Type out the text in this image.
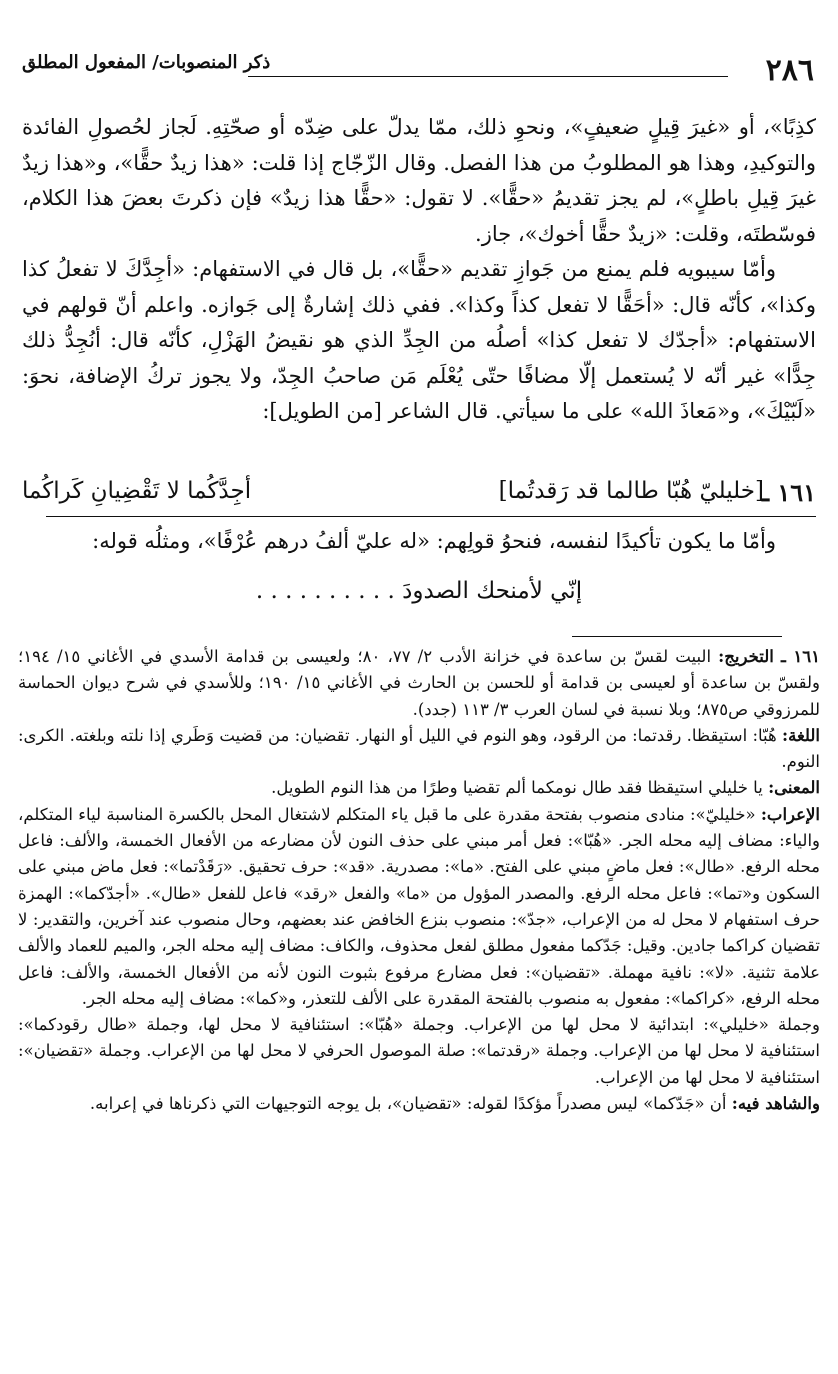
٢٨٦
ذكر المنصوبات/ المفعول المطلق

كذِبًا»، أو «غيرَ قِيلٍ ضعيفٍ»، ونحوِ ذلك، ممّا يدلّ على ضِدّه أو صحّتِهِ. لَجاز لحُصولِ الفائدة والتوكيدِ، وهذا هو المطلوبُ من هذا الفصل. وقال الزّجّاج إذا قلت: «هذا زيدٌ حقًّا»، و«هذا زيدٌ غيرَ قِيلِ باطلٍ»، لم يجز تقديمُ «حقًّا». لا تقول: «حقًّا هذا زيدٌ» فإن ذكرتَ بعضَ هذا الكلام، فوسّطتَه، وقلت: «زيدٌ حقًّا أخوك»، جاز.

وأمّا سيبويه فلم يمنع من جَوازِ تقديم «حقًّا»، بل قال في الاستفهام: «أجِدَّكَ لا تفعلُ كذا وكذا»، كأنّه قال: «أحَقًّا لا تفعل كذاً وكذا». ففي ذلك إشارةٌ إلى جَوازه. واعلم أنّ قولهم في الاستفهام: «أجدّك لا تفعل كذا» أصلُه من الجِدِّ الذي هو نقيضُ الهَزْلِ، كأنّه قال: أنُجِدُّ ذلك جِدًّا» غير أنّه لا يُستعمل إلّا مضافًا حتّى يُعْلَم مَن صاحبُ الجِدّ، ولا يجوز تركُ الإضافة، نحوَ: «لَبّيْكَ»، و«مَعاذَ الله» على ما سيأتي. قال الشاعر [من الطويل]:

١٦١ ـ
[خليليّ هُبّا طالما قد رَقدتُما]
أجِدَّكُما لا تَقْضِيانِ كَراكُما
وأمّا ما يكون تأكيدًا لنفسه، فنحوُ قولِهم: «له عليّ ألفُ درهم عُرْفًا»، ومثلُه قوله:
إنّي لأمنحك الصدودَ . . . . . . . . . .

١٦١ ـ التخريج: البيت لقسّ بن ساعدة في خزانة الأدب ٢/ ٧٧، ٨٠؛ ولعيسى بن قدامة الأسدي في الأغاني ١٥/ ١٩٤؛ ولقسّ بن ساعدة أو لعيسى بن قدامة أو للحسن بن الحارث في الأغاني ١٥/ ١٩٠؛ وللأسدي في شرح ديوان الحماسة للمرزوقي ص٨٧٥؛ وبلا نسبة في لسان العرب ٣/ ١١٣ (جدد).

اللغة: هُبّا: استيقظا. رقدتما: من الرقود، وهو النوم في الليل أو النهار. تقضيان: من قضيت وَطَري إذا نلته وبلغته. الكرى: النوم.

المعنى: يا خليلي استيقظا فقد طال نومكما ألم تقضيا وطرًا من هذا النوم الطويل.

الإعراب: «خليليّ»: منادى منصوب بفتحة مقدرة على ما قبل ياء المتكلم لاشتغال المحل بالكسرة المناسبة لياء المتكلم، والياء: مضاف إليه محله الجر. «هُبّا»: فعل أمر مبني على حذف النون لأن مضارعه من الأفعال الخمسة، والألف: فاعل محله الرفع. «طال»: فعل ماضٍ مبني على الفتح. «ما»: مصدرية. «قد»: حرف تحقيق. «رَقَدْتما»: فعل ماض مبني على السكون و«تما»: فاعل محله الرفع. والمصدر المؤول من «ما» والفعل «رقد» فاعل للفعل «طال». «أجدّكما»: الهمزة حرف استفهام لا محل له من الإعراب، «جدّ»: منصوب بنزع الخافض عند بعضهم، وحال منصوب عند آخرين، والتقدير: لا تقضيان كراكما جادين. وقيل: جَدّكما مفعول مطلق لفعل محذوف، والكاف: مضاف إليه محله الجر، والميم للعماد والألف علامة تثنية. «لا»: نافية مهملة. «تقضيان»: فعل مضارع مرفوع بثبوت النون لأنه من الأفعال الخمسة، والألف: فاعل محله الرفع، «كراكما»: مفعول به منصوب بالفتحة المقدرة على الألف للتعذر، و«كما»: مضاف إليه محله الجر.

وجملة «خليلي»: ابتدائية لا محل لها من الإعراب. وجملة «هُبّا»: استئنافية لا محل لها، وجملة «طال رقودكما»: استئنافية لا محل لها من الإعراب. وجملة «رقدتما»: صلة الموصول الحرفي لا محل لها من الإعراب. وجملة «تقضيان»: استئنافية لا محل لها من الإعراب.

والشاهد فيه: أن «جَدّكما» ليس مصدراً مؤكدًا لقوله: «تقضيان»، بل يوجه التوجيهات التي ذكرناها في إعرابه.
